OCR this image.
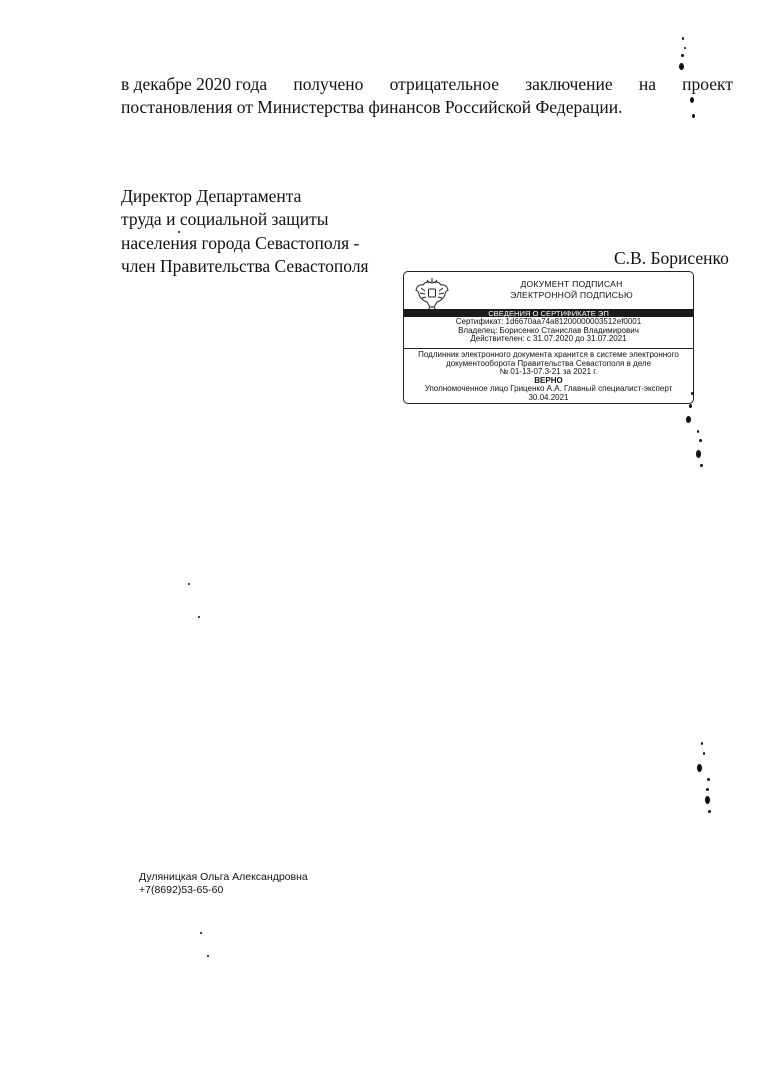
в декабре 2020 года получено отрицательное заключение на проект
постановления от Министерства финансов Российской Федерации.
Директор Департамента
труда и социальной защиты
населения города Севастополя -
член Правительства Севастополя	С.В. Борисенко
ДОКУМЕНТ ПОДПИСАН
ЭЛЕКТРОННОЙ ПОДПИСЬЮ
СВЕДЕНИЯ О СЕРТИФИКАТЕ ЭП
Сертификат: 1d6670aa74a81200000003512ef0001
Владелец: Борисенко Станислав Владимирович
Действителен: с 31.07.2020 до 31.07.2021
Подлинник электронного документа хранится в системе электронного
документооборота Правительства Севастополя в деле
№ 01-13-07.3-21 за 2021 г.
ВЕРНО
Уполномоченное лицо Гриценко А.А. Главный специалист-эксперт
30.04.2021
Дуляницкая Ольга Александровна
+7(8692)53-65-60
